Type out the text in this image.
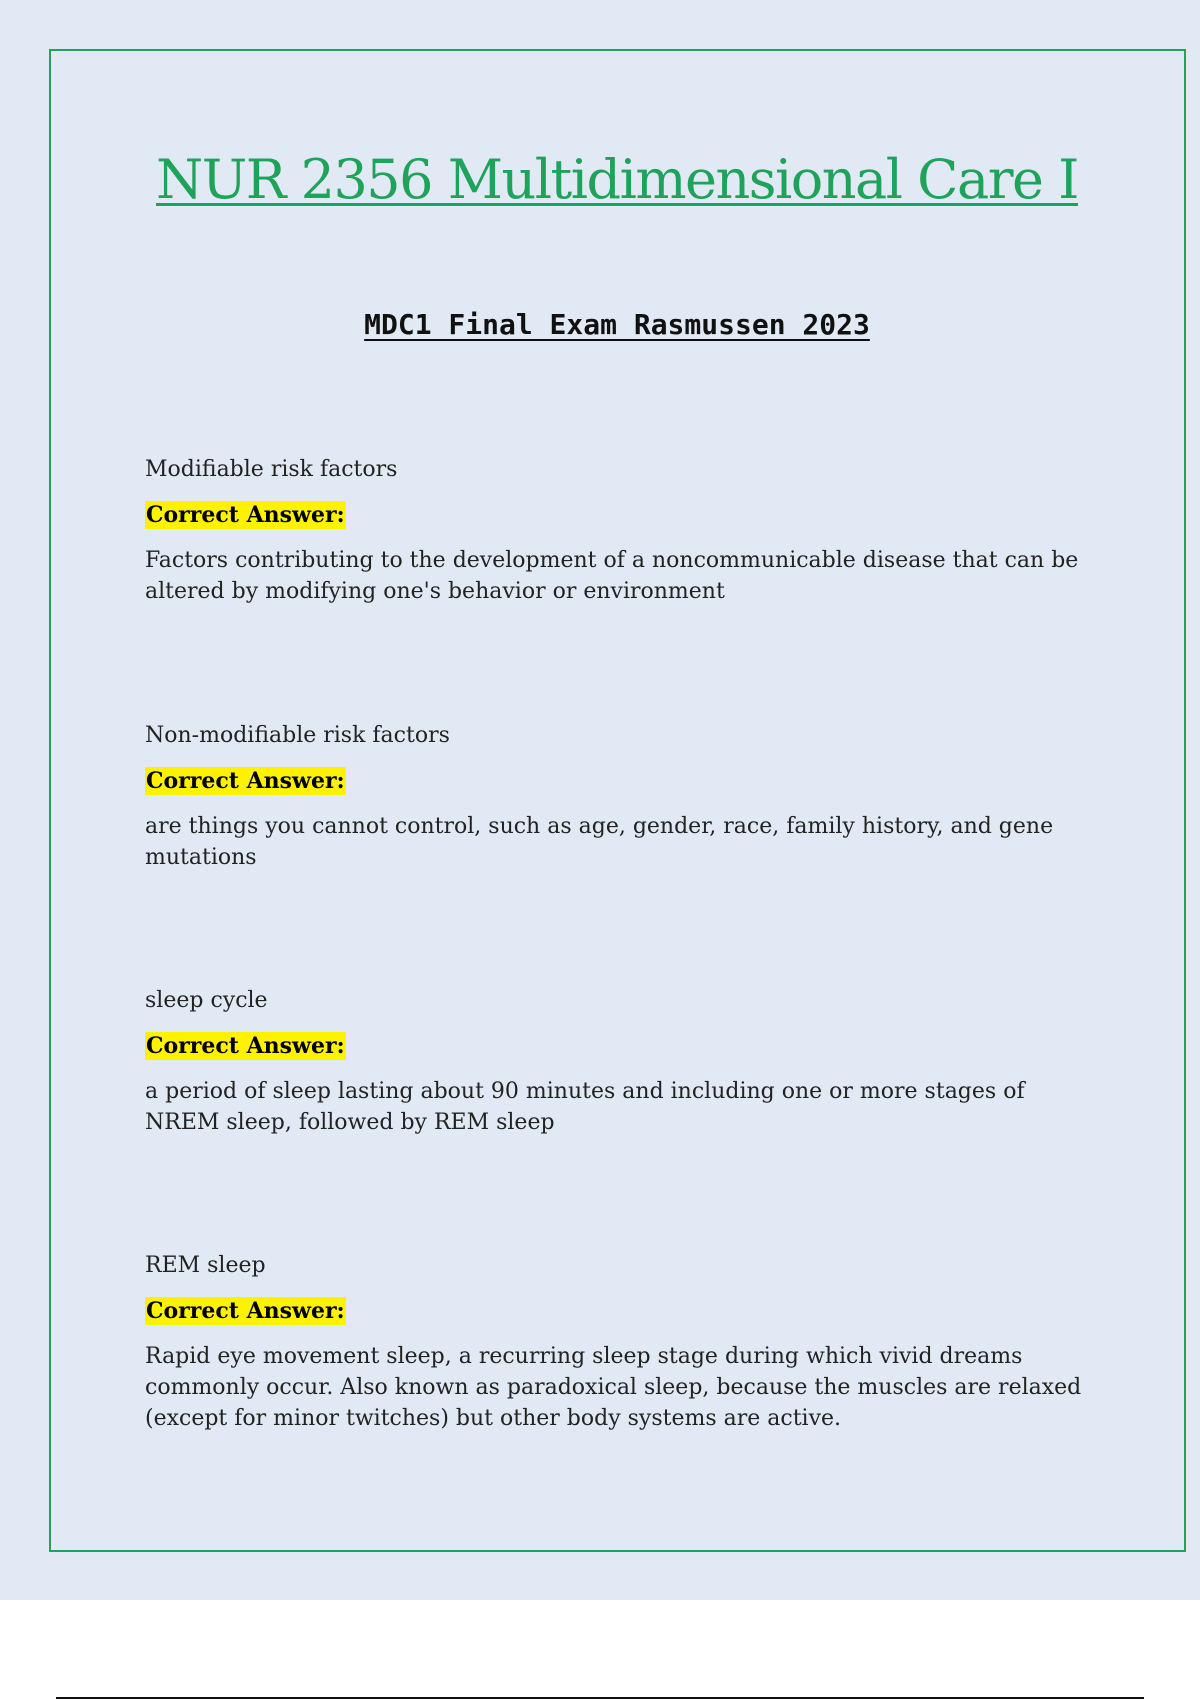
NUR 2356 Multidimensional Care I
MDC1 Final Exam Rasmussen 2023

Modifiable risk factors

Correct Answer:

Factors contributing to the development of a noncommunicable disease that can be altered by modifying one's behavior or environment

Non-modifiable risk factors

Correct Answer:

are things you cannot control, such as age, gender, race, family history, and gene mutations

sleep cycle

Correct Answer:

a period of sleep lasting about 90 minutes and including one or more stages of NREM sleep, followed by REM sleep

REM sleep

Correct Answer:

Rapid eye movement sleep, a recurring sleep stage during which vivid dreams commonly occur. Also known as paradoxical sleep, because the muscles are relaxed (except for minor twitches) but other body systems are active.
